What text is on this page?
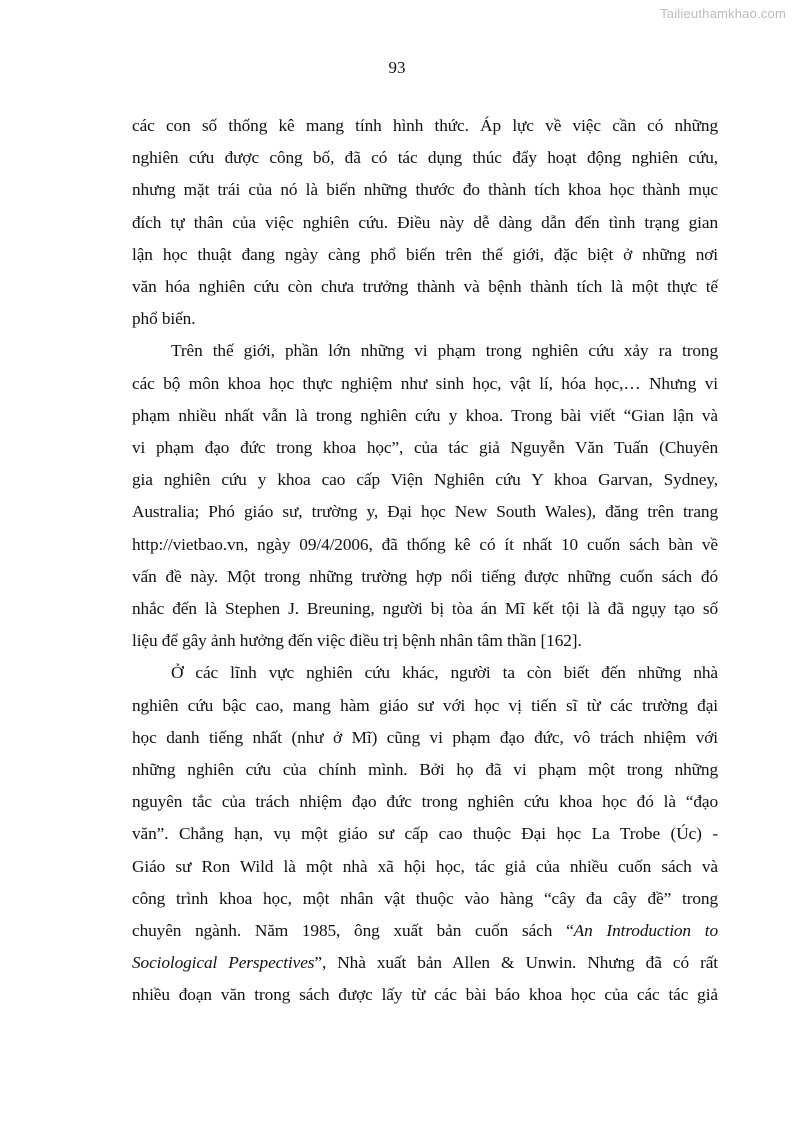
Tailieuthamkhao.com
93

các con số thống kê mang tính hình thức. Áp lực về việc cần có những
nghiên cứu được công bố, đã có tác dụng thúc đẩy hoạt động nghiên cứu,
nhưng mặt trái của nó là biến những thước đo thành tích khoa học thành mục
đích tự thân của việc nghiên cứu. Điều này dễ dàng dẫn đến tình trạng gian
lận học thuật đang ngày càng phổ biến trên thế giới, đặc biệt ở những nơi
văn hóa nghiên cứu còn chưa trưởng thành và bệnh thành tích là một thực tế
phổ biến.

Trên thế giới, phần lớn những vi phạm trong nghiên cứu xảy ra trong
các bộ môn khoa học thực nghiệm như sinh học, vật lí, hóa học,… Nhưng vi
phạm nhiều nhất vẫn là trong nghiên cứu y khoa. Trong bài viết “Gian lận và
vi phạm đạo đức trong khoa học”, của tác giả Nguyễn Văn Tuấn (Chuyên
gia nghiên cứu y khoa cao cấp Viện Nghiên cứu Y khoa Garvan, Sydney,
Australia; Phó giáo sư, trường y, Đại học New South Wales), đăng trên trang
http://vietbao.vn, ngày 09/4/2006, đã thống kê có ít nhất 10 cuốn sách bàn về
vấn đề này. Một trong những trường hợp nổi tiếng được những cuốn sách đó
nhắc đến là Stephen J. Breuning, người bị tòa án Mĩ kết tội là đã ngụy tạo số
liệu để gây ảnh hưởng đến việc điều trị bệnh nhân tâm thần [162].

Ở các lĩnh vực nghiên cứu khác, người ta còn biết đến những nhà
nghiên cứu bậc cao, mang hàm giáo sư với học vị tiến sĩ từ các trường đại
học danh tiếng nhất (như ở Mĩ) cũng vi phạm đạo đức, vô trách nhiệm với
những nghiên cứu của chính mình. Bởi họ đã vi phạm một trong những
nguyên tắc của trách nhiệm đạo đức trong nghiên cứu khoa học đó là “đạo
văn”. Chẳng hạn, vụ một giáo sư cấp cao thuộc Đại học La Trobe (Úc) -
Giáo sư Ron Wild là một nhà xã hội học, tác giả của nhiều cuốn sách và
công trình khoa học, một nhân vật thuộc vào hàng “cây đa cây đề” trong
chuyên ngành. Năm 1985, ông xuất bản cuốn sách “An Introduction to
Sociological Perspectives”, Nhà xuất bản Allen & Unwin. Nhưng đã có rất
nhiều đoạn văn trong sách được lấy từ các bài báo khoa học của các tác giả
